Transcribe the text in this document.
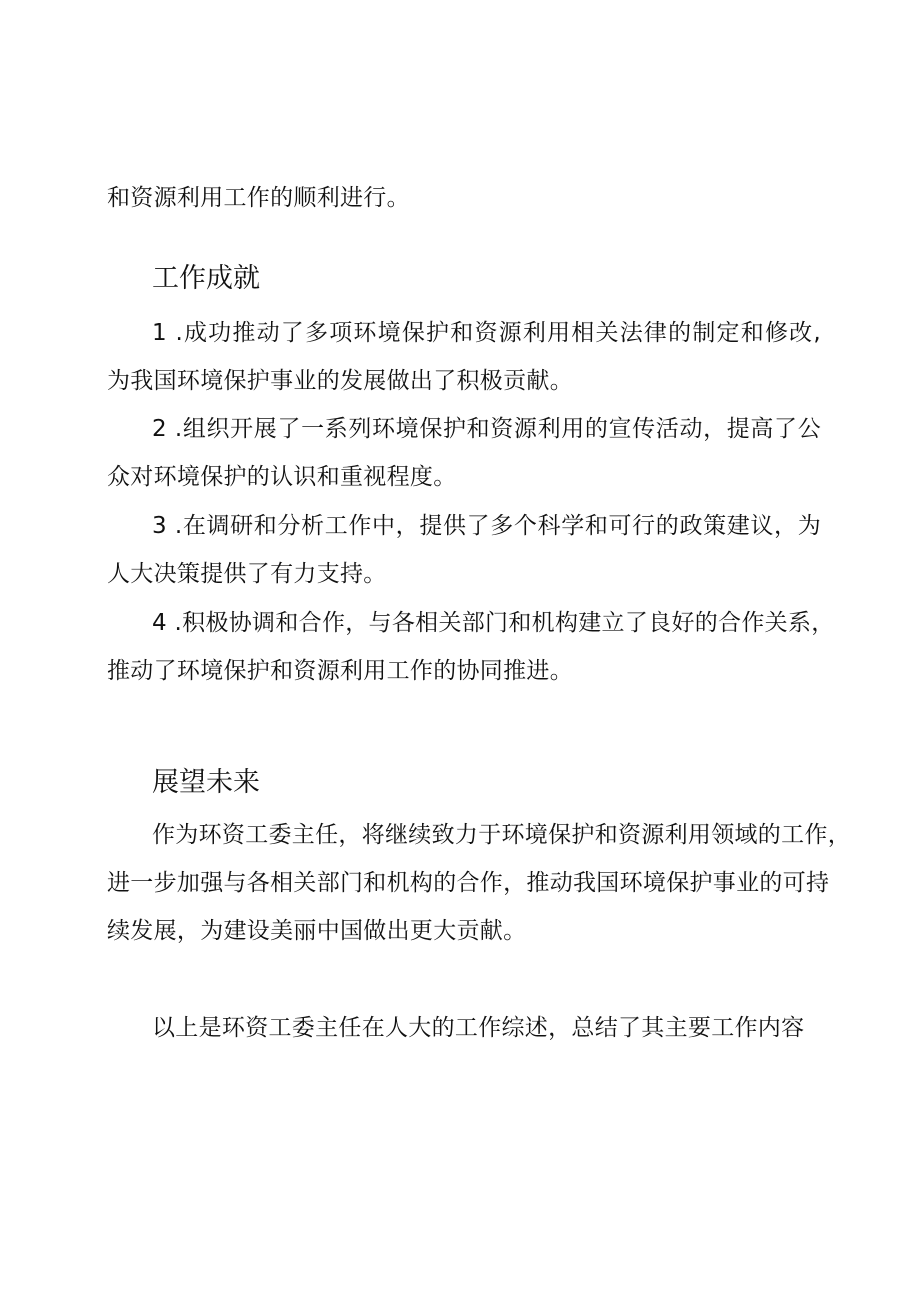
和资源利用工作的顺利进行。
工作成就
1 .成功推动了多项环境保护和资源利用相关法律的制定和修改,
为我国环境保护事业的发展做出了积极贡献。
2 .组织开展了一系列环境保护和资源利用的宣传活动，提高了公
众对环境保护的认识和重视程度。
3 .在调研和分析工作中，提供了多个科学和可行的政策建议，为
人大决策提供了有力支持。
4 .积极协调和合作，与各相关部门和机构建立了良好的合作关系，
推动了环境保护和资源利用工作的协同推进。
展望未来
作为环资工委主任，将继续致力于环境保护和资源利用领域的工作，
进一步加强与各相关部门和机构的合作，推动我国环境保护事业的可持
续发展，为建设美丽中国做出更大贡献。
以上是环资工委主任在人大的工作综述，总结了其主要工作内容
